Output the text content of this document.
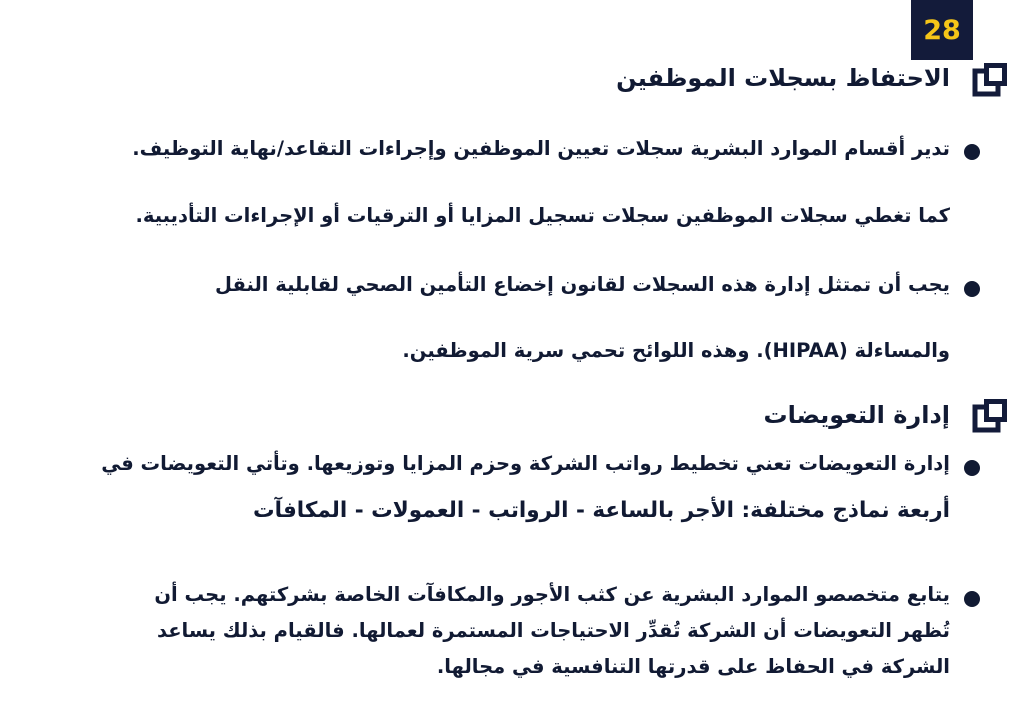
28
الاحتفاظ بسجلات الموظفين
تدير أقسام الموارد البشرية سجلات تعيين الموظفين وإجراءات التقاعد/نهاية التوظيف.
كما تغطي سجلات الموظفين سجلات تسجيل المزايا أو الترقيات أو الإجراءات التأديبية.
يجب أن تمتثل إدارة هذه السجلات لقانون إخضاع التأمين الصحي لقابلية النقل
والمساءلة (HIPAA). وهذه اللوائح تحمي سرية الموظفين.
إدارة التعويضات
إدارة التعويضات تعني تخطيط رواتب الشركة وحزم المزايا وتوزيعها. وتأتي التعويضات في
أربعة نماذج مختلفة: الأجر بالساعة - الرواتب - العمولات - المكافآت
يتابع متخصصو الموارد البشرية عن كثب الأجور والمكافآت الخاصة بشركتهم. يجب أن
تُظهر التعويضات أن الشركة تُقدِّر الاحتياجات المستمرة لعمالها. فالقيام بذلك يساعد
الشركة في الحفاظ على قدرتها التنافسية في مجالها.
